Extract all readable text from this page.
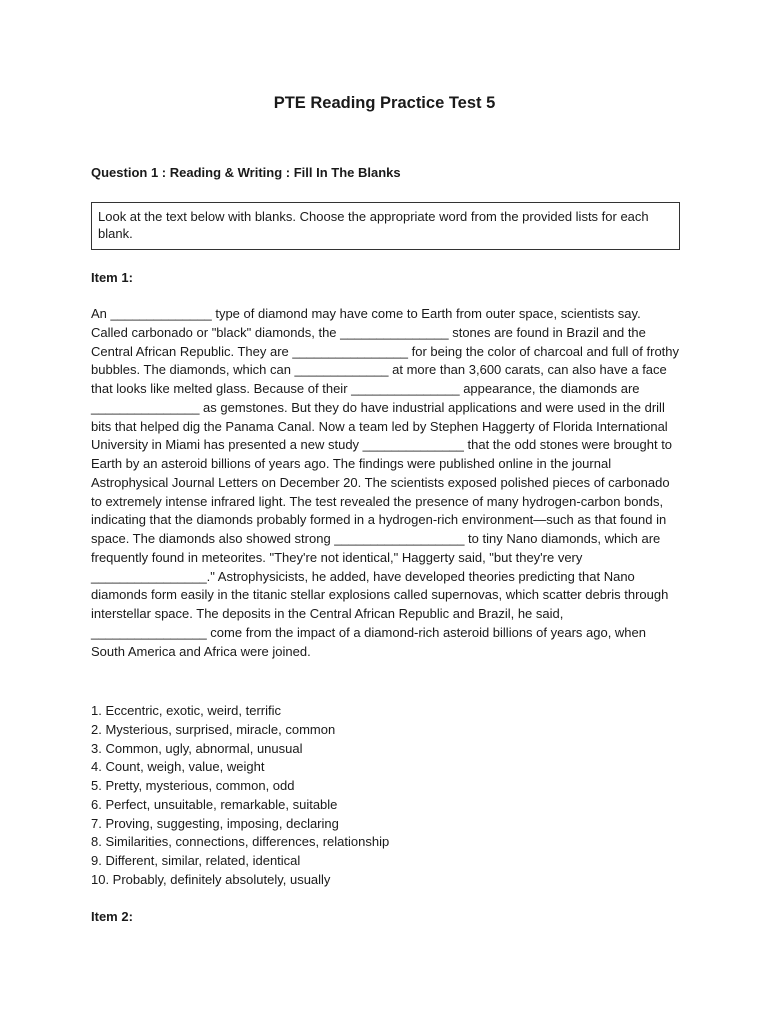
PTE Reading Practice Test 5
Question 1 : Reading & Writing : Fill In The Blanks
Look at the text below with blanks. Choose the appropriate word from the provided lists for each blank.
Item 1:

An ______________ type of diamond may have come to Earth from outer space, scientists say. Called carbonado or "black" diamonds, the _______________ stones are found in Brazil and the Central African Republic. They are ________________ for being the color of charcoal and full of frothy bubbles. The diamonds, which can _____________ at more than 3,600 carats, can also have a face that looks like melted glass. Because of their _______________ appearance, the diamonds are _______________ as gemstones. But they do have industrial applications and were used in the drill bits that helped dig the Panama Canal. Now a team led by Stephen Haggerty of Florida International University in Miami has presented a new study ______________ that the odd stones were brought to Earth by an asteroid billions of years ago. The findings were published online in the journal Astrophysical Journal Letters on December 20. The scientists exposed polished pieces of carbonado to extremely intense infrared light. The test revealed the presence of many hydrogen-carbon bonds, indicating that the diamonds probably formed in a hydrogen-rich environment—such as that found in space. The diamonds also showed strong __________________ to tiny Nano diamonds, which are frequently found in meteorites. "They're not identical," Haggerty said, "but they're very ________________." Astrophysicists, he added, have developed theories predicting that Nano diamonds form easily in the titanic stellar explosions called supernovas, which scatter debris through interstellar space. The deposits in the Central African Republic and Brazil, he said, ________________ come from the impact of a diamond-rich asteroid billions of years ago, when South America and Africa were joined.

1. Eccentric, exotic, weird, terrific
2. Mysterious, surprised, miracle, common
3. Common, ugly, abnormal, unusual
4. Count, weigh, value, weight
5. Pretty, mysterious, common, odd
6. Perfect, unsuitable, remarkable, suitable
7. Proving, suggesting, imposing, declaring
8. Similarities, connections, differences, relationship
9. Different, similar, related, identical
10. Probably, definitely absolutely, usually
Item 2:
